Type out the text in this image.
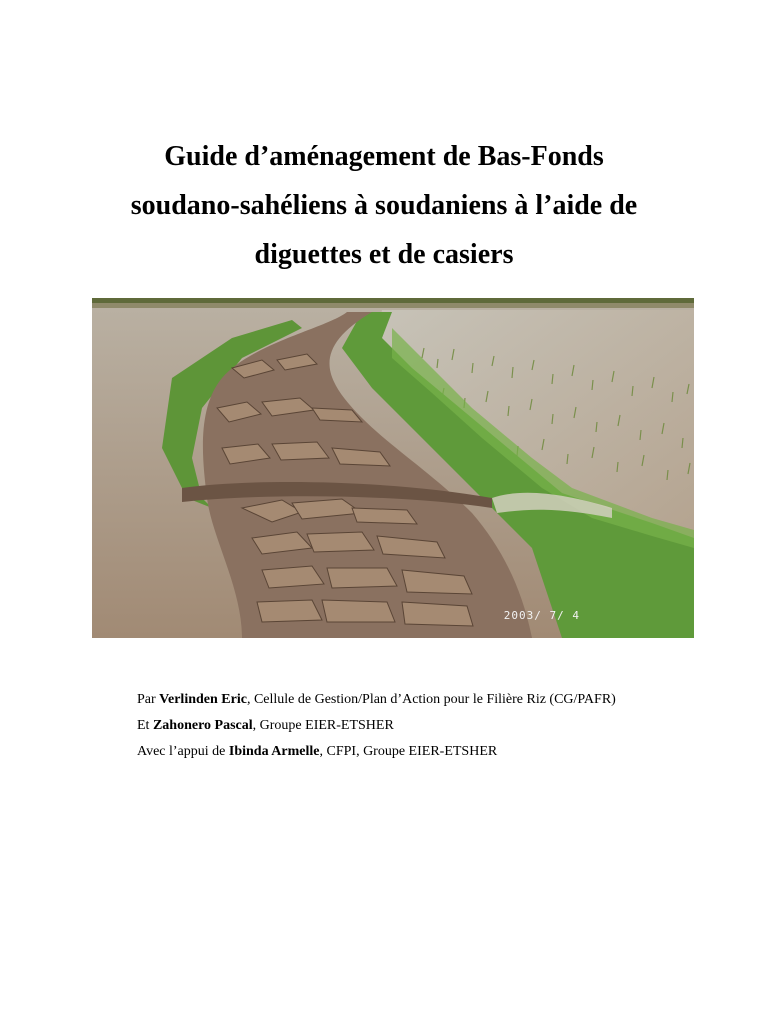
Guide d’aménagement de Bas-Fonds
soudano-sahéliens à soudaniens à l’aide de
diguettes et de casiers
2003/ 7/ 4
Par Verlinden Eric, Cellule de Gestion/Plan d’Action pour le Filière Riz (CG/PAFR)
Et Zahonero Pascal, Groupe EIER-ETSHER
Avec l’appui de Ibinda Armelle, CFPI, Groupe EIER-ETSHER
